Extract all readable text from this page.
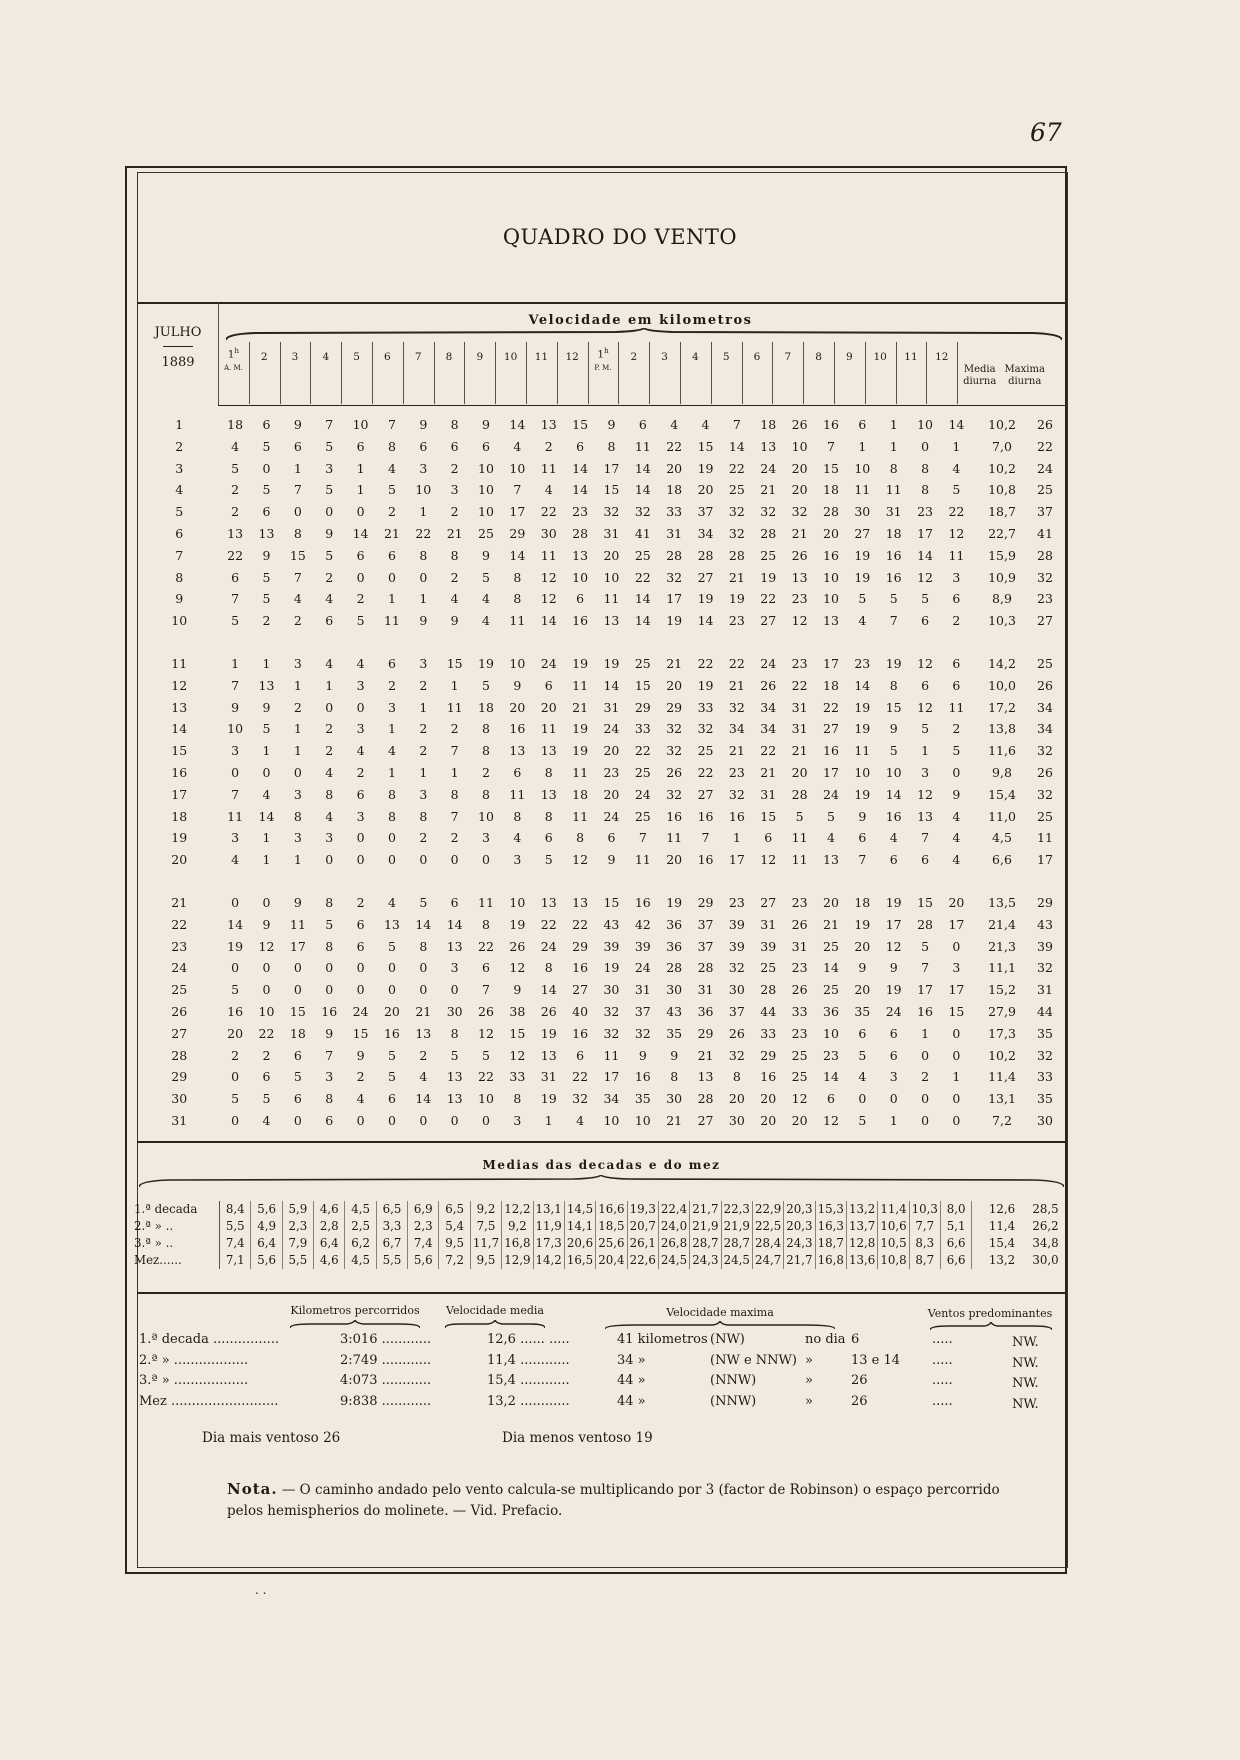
67
QUADRO DO VENTO
JULHO
1889
Velocidade em kilometros
1$^h$
A. M.
2	3	4	5	6	7	8	9	10	11	12	1$^h$
P. M.
2	3	4	5	6	7	8	9	10	11	12
Media
diurna
Maxima
diurna
1	18	6	9	7	10	7	9	8	9	14	13	15	9	6	4	4	7	18	26	16	6	1	10	14	10,2	26
2	4	5	6	5	6	8	6	6	6	4	2	6	8	11	22	15	14	13	10	7	1	1	0	1	7,0	22
3	5	0	1	3	1	4	3	2	10	10	11	14	17	14	20	19	22	24	20	15	10	8	8	4	10,2	24
4	2	5	7	5	1	5	10	3	10	7	4	14	15	14	18	20	25	21	20	18	11	11	8	5	10,8	25
5	2	6	0	0	0	2	1	2	10	17	22	23	32	32	33	37	32	32	32	28	30	31	23	22	18,7	37
6	13	13	8	9	14	21	22	21	25	29	30	28	31	41	31	34	32	28	21	20	27	18	17	12	22,7	41
7	22	9	15	5	6	6	8	8	9	14	11	13	20	25	28	28	28	25	26	16	19	16	14	11	15,9	28
8	6	5	7	2	0	0	0	2	5	8	12	10	10	22	32	27	21	19	13	10	19	16	12	3	10,9	32
9	7	5	4	4	2	1	1	4	4	8	12	6	11	14	17	19	19	22	23	10	5	5	5	6	8,9	23
10	5	2	2	6	5	11	9	9	4	11	14	16	13	14	19	14	23	27	12	13	4	7	6	2	10,3	27

11	1	1	3	4	4	6	3	15	19	10	24	19	19	25	21	22	22	24	23	17	23	19	12	6	14,2	25
12	7	13	1	1	3	2	2	1	5	9	6	11	14	15	20	19	21	26	22	18	14	8	6	6	10,0	26
13	9	9	2	0	0	3	1	11	18	20	20	21	31	29	29	33	32	34	31	22	19	15	12	11	17,2	34
14	10	5	1	2	3	1	2	2	8	16	11	19	24	33	32	32	34	34	31	27	19	9	5	2	13,8	34
15	3	1	1	2	4	4	2	7	8	13	13	19	20	22	32	25	21	22	21	16	11	5	1	5	11,6	32
16	0	0	0	4	2	1	1	1	2	6	8	11	23	25	26	22	23	21	20	17	10	10	3	0	9,8	26
17	7	4	3	8	6	8	3	8	8	11	13	18	20	24	32	27	32	31	28	24	19	14	12	9	15,4	32
18	11	14	8	4	3	8	8	7	10	8	8	11	24	25	16	16	16	15	5	5	9	16	13	4	11,0	25
19	3	1	3	3	0	0	2	2	3	4	6	8	6	7	11	7	1	6	11	4	6	4	7	4	4,5	11
20	4	1	1	0	0	0	0	0	0	3	5	12	9	11	20	16	17	12	11	13	7	6	6	4	6,6	17

21	0	0	9	8	2	4	5	6	11	10	13	13	15	16	19	29	23	27	23	20	18	19	15	20	13,5	29
22	14	9	11	5	6	13	14	14	8	19	22	22	43	42	36	37	39	31	26	21	19	17	28	17	21,4	43
23	19	12	17	8	6	5	8	13	22	26	24	29	39	39	36	37	39	39	31	25	20	12	5	0	21,3	39
24	0	0	0	0	0	0	0	3	6	12	8	16	19	24	28	28	32	25	23	14	9	9	7	3	11,1	32
25	5	0	0	0	0	0	0	0	7	9	14	27	30	31	30	31	30	28	26	25	20	19	17	17	15,2	31
26	16	10	15	16	24	20	21	30	26	38	26	40	32	37	43	36	37	44	33	36	35	24	16	15	27,9	44
27	20	22	18	9	15	16	13	8	12	15	19	16	32	32	35	29	26	33	23	10	6	6	1	0	17,3	35
28	2	2	6	7	9	5	2	5	5	12	13	6	11	9	9	21	32	29	25	23	5	6	0	0	10,2	32
29	0	6	5	3	2	5	4	13	22	33	31	22	17	16	8	13	8	16	25	14	4	3	2	1	11,4	33
30	5	5	6	8	4	6	14	13	10	8	19	32	34	35	30	28	20	20	12	6	0	0	0	0	13,1	35
31	0	4	0	6	0	0	0	0	0	3	1	4	10	10	21	27	30	20	20	12	5	1	0	0	7,2	30
Medias das decadas e do mez
1.ª decada	8,4	5,6	5,9	4,6	4,5	6,5	6,9	6,5	9,2	12,2	13,1	14,5	16,6	19,3	22,4	21,7	22,3	22,9	20,3	15,3	13,2	11,4	10,3	8,0	12,6	28,5
2.ª » ..	5,5	4,9	2,3	2,8	2,5	3,3	2,3	5,4	7,5	9,2	11,9	14,1	18,5	20,7	24,0	21,9	21,9	22,5	20,3	16,3	13,7	10,6	7,7	5,1	11,4	26,2
3.ª » ..	7,4	6,4	7,9	6,4	6,2	6,7	7,4	9,5	11,7	16,8	17,3	20,6	25,6	26,1	26,8	28,7	28,7	28,4	24,3	18,7	12,8	10,5	8,3	6,6	15,4	34,8
Mez......	7,1	5,6	5,5	4,6	4,5	5,5	5,6	7,2	9,5	12,9	14,2	16,5	20,4	22,6	24,5	24,3	24,5	24,7	21,7	16,8	13,6	10,8	8,7	6,6	13,2	30,0
Kilometros percorridos	Velocidade media	Velocidade maxima	Ventos predominantes
1.ª decada ................	3:016 ............	12,6 ...... .....	41 kilometros (NW)	no dia 6	.....	NW.
2.ª » ..................	2:749 ............	11,4 ............	34 »	(NW e NNW) »	13 e 14 .....	NW.
3.ª » ..................	4:073 ............	15,4 ............	44 »	(NNW)	»	26	.....	NW.
Mez ..........................	9:838 ............	13,2 ............	44 »	(NNW)	»	26	.....	NW.
Dia mais ventoso 26	Dia menos ventoso 19
Nota. — O caminho andado pelo vento calcula-se multiplicando por 3 (factor de Robinson) o espaço percorrido pelos hemispherios do molinete. — Vid. Prefacio.
. .
